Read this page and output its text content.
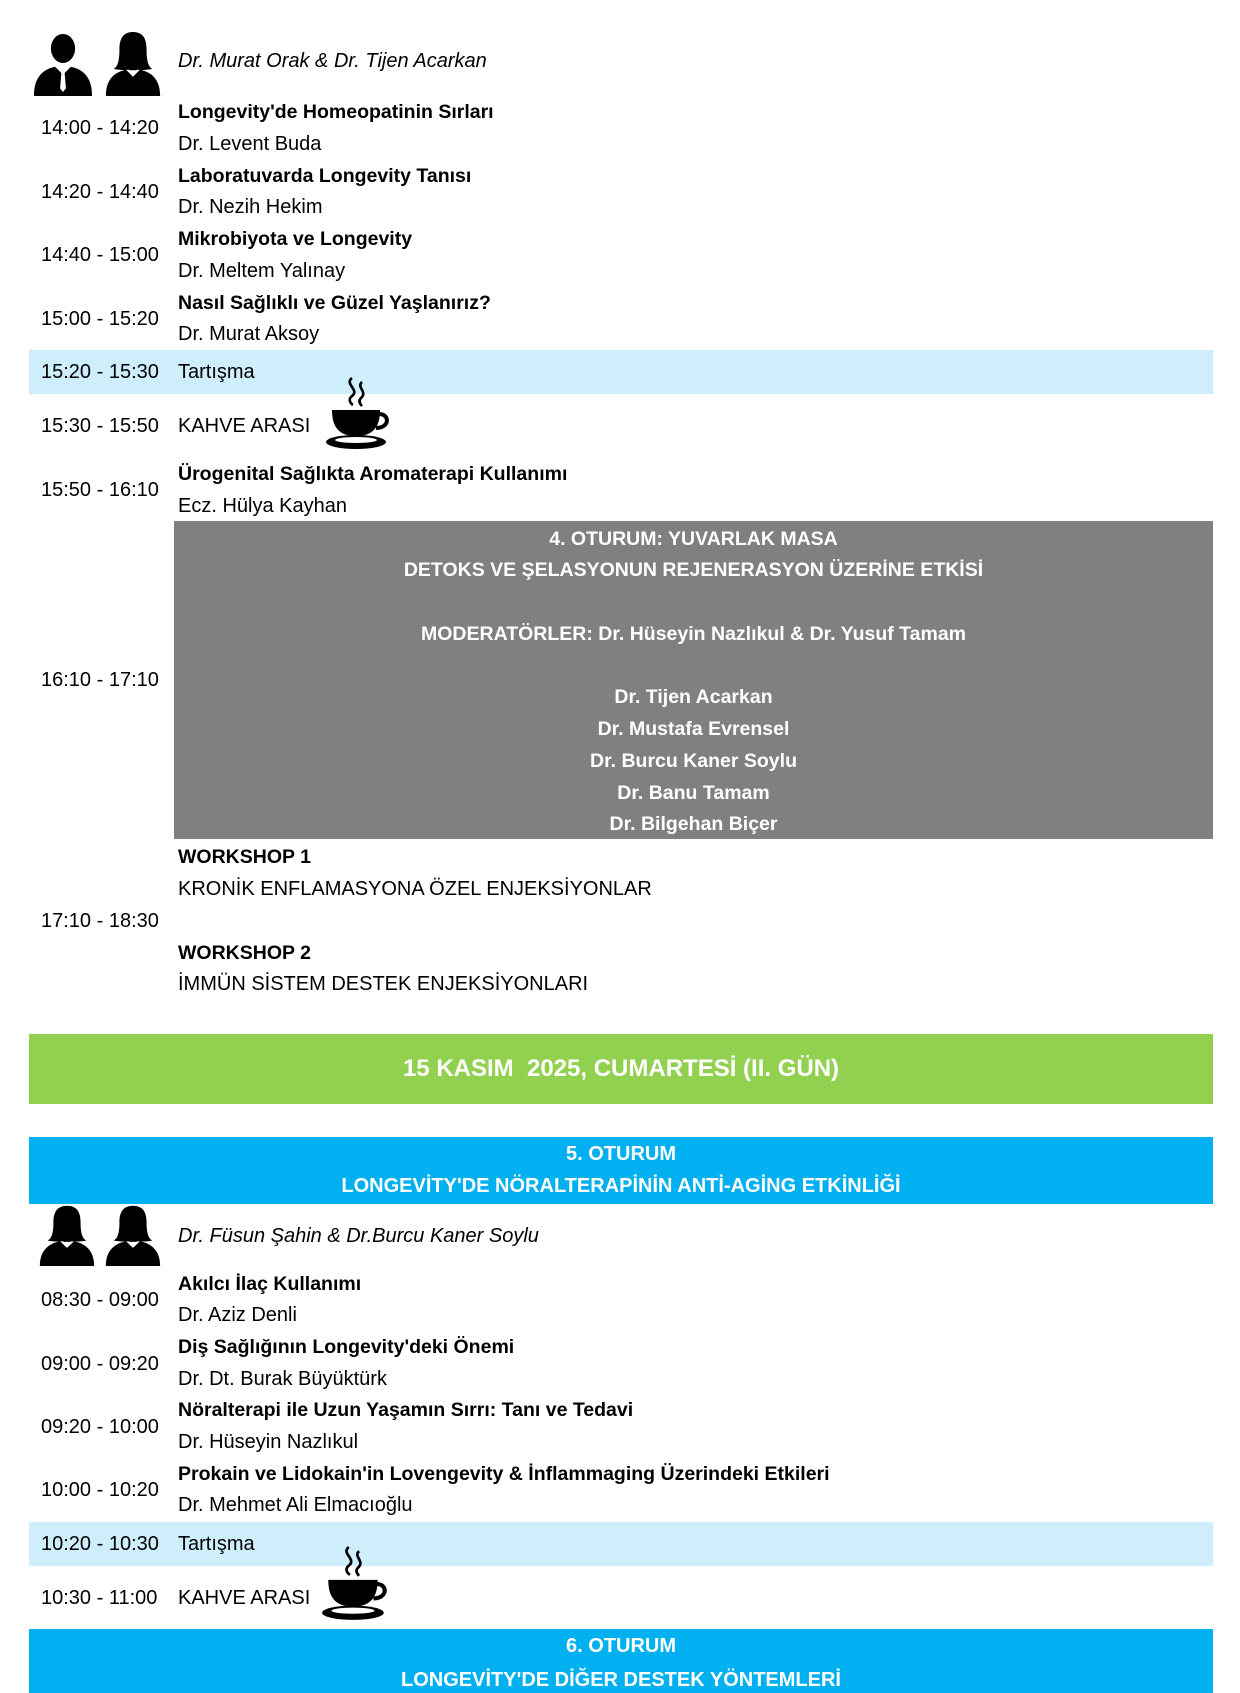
Dr. Murat Orak & Dr. Tijen Acarkan
14:00 - 14:20
Longevity'de Homeopatinin Sırları
Dr. Levent Buda
14:20 - 14:40
Laboratuvarda Longevity Tanısı
Dr. Nezih Hekim
14:40 - 15:00
Mikrobiyota ve Longevity
Dr. Meltem Yalınay
15:00 - 15:20
Nasıl Sağlıklı ve Güzel Yaşlanırız?
Dr. Murat Aksoy
15:20 - 15:30 Tartışma
15:30 - 15:50 KAHVE ARASI
15:50 - 16:10
Ürogenital Sağlıkta Aromaterapi Kullanımı
Ecz. Hülya Kayhan
16:10 - 17:10
4. OTURUM: YUVARLAK MASA
DETOKS VE ŞELASYONUN REJENERASYON ÜZERİNE ETKİSİ
MODERATÖRLER: Dr. Hüseyin Nazlıkul & Dr. Yusuf Tamam
Dr. Tijen Acarkan
Dr. Mustafa Evrensel
Dr. Burcu Kaner Soylu
Dr. Banu Tamam
Dr. Bilgehan Biçer
17:10 - 18:30
WORKSHOP 1
KRONİK ENFLAMASYONA ÖZEL ENJEKSİYONLAR
WORKSHOP 2
İMMÜN SİSTEM DESTEK ENJEKSİYONLARI
15 KASIM  2025, CUMARTESİ (II. GÜN)
5. OTURUM
LONGEVİTY'DE NÖRALTERAPİNİN ANTİ-AGİNG ETKİNLİĞİ
Dr. Füsun Şahin & Dr.Burcu Kaner Soylu
08:30 - 09:00
Akılcı İlaç Kullanımı
Dr. Aziz Denli
09:00 - 09:20
Diş Sağlığının Longevity'deki Önemi
Dr. Dt. Burak Büyüktürk
09:20 - 10:00
Nöralterapi ile Uzun Yaşamın Sırrı: Tanı ve Tedavi
Dr. Hüseyin Nazlıkul
10:00 - 10:20
Prokain ve Lidokain'in Lovengevity & İnflammaging Üzerindeki Etkileri
Dr. Mehmet Ali Elmacıoğlu
10:20 - 10:30 Tartışma
10:30 - 11:00 KAHVE ARASI
6. OTURUM
LONGEVİTY'DE DİĞER DESTEK YÖNTEMLERİ
